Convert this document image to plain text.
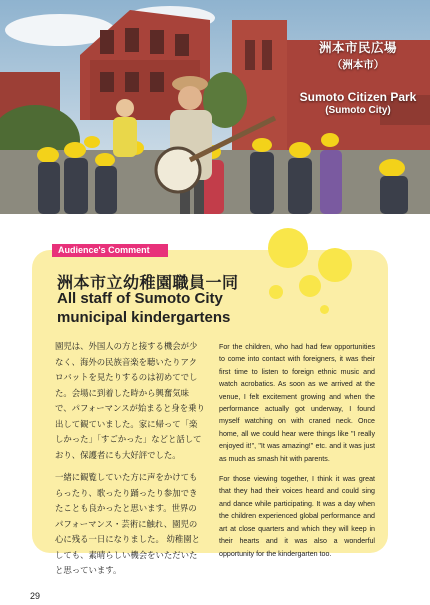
洲本市民広場
（洲本市）
Sumoto Citizen Park
(Sumoto City)
Audience's Comment
洲本市立幼稚園職員一同
All staff of Sumoto City municipal kindergartens

園児は、外国人の方と接する機会が少なく、海外の民族音楽を聴いたりアクロバットを見たりするのは初めてでした。会場に到着した時から興奮気味で、パフォーマンスが始まると身を乗り出して観ていました。家に帰って「楽しかった」「すごかった」などと話しており、保護者にも大好評でした。

一緒に観覧していた方に声をかけてもらったり、歌ったり踊ったり参加できたことも良かったと思います。世界のパフォーマンス・芸術に触れ、園児の心に残る一日になりました。 幼稚園としても、素晴らしい機会をいただいたと思っています。

For the children, who had had few opportunities to come into contact with foreigners, it was their first time to listen to foreign ethnic music and watch acrobatics. As soon as we arrived at the venue, I felt excitement growing and when the performance actually got underway, I found myself watching on with craned neck. Once home, all we could hear were things like "I really enjoyed it!", "It was amazing!" etc. and it was just as much as smash hit with parents.

For those viewing together, I think it was great that they had their voices heard and could sing and dance while participating. It was a day when the children experienced global performance and art at close quarters and which they will keep in their hearts and it was also a wonderful opportunity for the kindergarten too.

29
